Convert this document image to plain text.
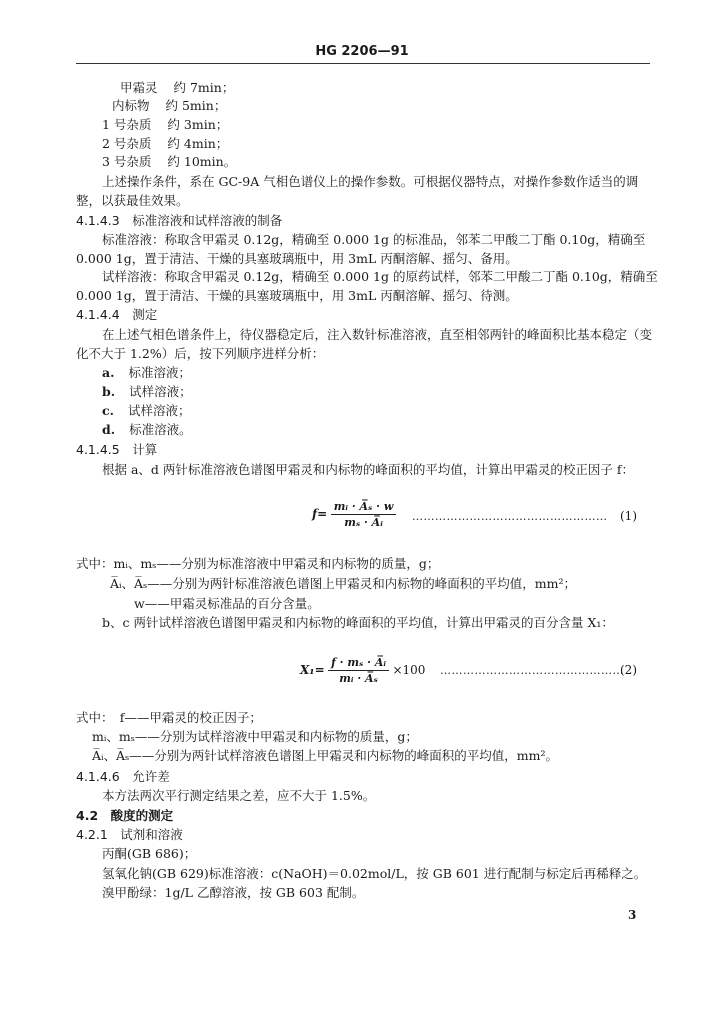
HG 2206—91
甲霜灵 约 7min；
内标物 约 5min；
1 号杂质 约 3min；
2 号杂质 约 4min；
3 号杂质 约 10min。
上述操作条件，系在 GC-9A 气相色谱仪上的操作参数。可根据仪器特点，对操作参数作适当的调
整，以获最佳效果。
4.1.4.3　标准溶液和试样溶液的制备
标准溶液：称取含甲霜灵 0.12g，精确至 0.000 1g 的标准品，邻苯二甲酸二丁酯 0.10g，精确至
0.000 1g，置于清洁、干燥的具塞玻璃瓶中，用 3mL 丙酮溶解、摇匀、备用。
试样溶液：称取含甲霜灵 0.12g，精确至 0.000 1g 的原药试样，邻苯二甲酸二丁酯 0.10g，精确至
0.000 1g，置于清洁、干燥的具塞玻璃瓶中，用 3mL 丙酮溶解、摇匀、待测。
4.1.4.4　测定
在上述气相色谱条件上，待仪器稳定后，注入数针标准溶液，直至相邻两针的峰面积比基本稳定（变
化不大于 1.2%）后，按下列顺序进样分析：
a. 标准溶液；
b. 试样溶液；
c. 试样溶液；
d. 标准溶液。
4.1.4.5　计算
根据 a、d 两针标准溶液色谱图甲霜灵和内标物的峰面积的平均值，计算出甲霜灵的校正因子 f：
$f= \frac{\text{mᵢ · A̅ₛ · w}}{\text{mₛ · A̅ᵢ}}$ …………………………………………… (1)
式中：mᵢ、mₛ——分别为标准溶液中甲霜灵和内标物的质量，g；
A̅ᵢ、A̅ₛ——分别为两针标准溶液色谱图上甲霜灵和内标物的峰面积的平均值，mm²；
w——甲霜灵标准品的百分含量。
b、c 两针试样溶液色谱图甲霜灵和内标物的峰面积的平均值，计算出甲霜灵的百分含量 X₁：
$X_1= \frac{\text{f · mₛ · A̅ᵢ}}{\text{mᵢ · A̅ₛ}} \times 100$ …………………………………………
(2)
式中：　f——甲霜灵的校正因子；
mᵢ、mₛ——分别为试样溶液中甲霜灵和内标物的质量，g；
A̅ᵢ、A̅ₛ——分别为两针试样溶液色谱图上甲霜灵和内标物的峰面积的平均值，mm²。
4.1.4.6　允许差
本方法两次平行测定结果之差，应不大于 1.5%。
4.2　酸度的测定
4.2.1　试剂和溶液
丙酮(GB 686)；
氢氧化钠(GB 629)标准溶液：c(NaOH)＝0.02mol/L，按 GB 601 进行配制与标定后再稀释之。
溴甲酚绿：1g/L 乙醇溶液，按 GB 603 配制。
3
